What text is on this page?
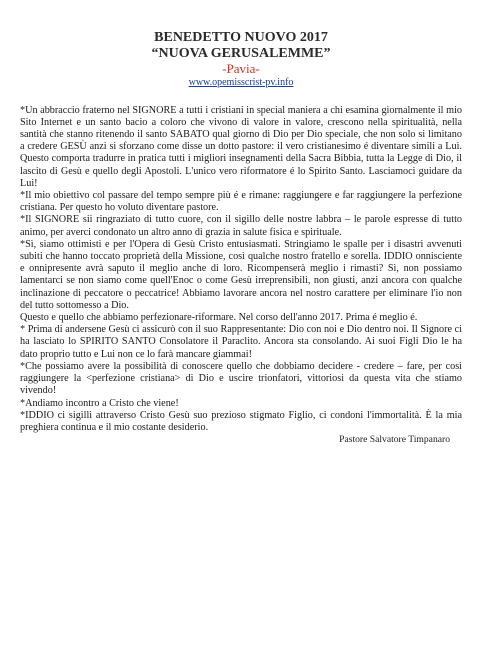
BENEDETTO NUOVO 2017
“NUOVA GERUSALEMME”
-Pavia-
www.opemisscrist-pv.info

*Un abbraccio fraterno nel SIGNORE a tutti i cristiani in special maniera a chi esamina giornalmente il mio Sito Internet e un santo bacio a coloro che vivono di valore in valore, crescono nella spiritualità, nella santità che stanno ritenendo il santo SABATO qual giorno di Dio per Dio speciale, che non solo si limitano a credere GESÙ anzi si sforzano come disse un dotto pastore: il vero cristianesimo é diventare simili a Lui. Questo comporta tradurre in pratica tutti i migliori insegnamenti della Sacra Bibbia, tutta la Legge di Dio, il lascito di Gesù e quello degli Apostoli. L'unico vero riformatore é lo Spirito Santo. Lasciamoci guidare da Lui!

*Il mio obiettivo col passare del tempo sempre più é e rimane: raggiungere e far raggiungere la perfezione cristiana. Per questo ho voluto diventare pastore.

*Il SIGNORE sii ringraziato di tutto cuore, con il sigillo delle nostre labbra – le parole espresse di tutto animo, per averci condonato un altro anno di grazia in salute fisica e spirituale.

*Sì, siamo ottimisti e per l'Opera di Gesù Cristo entusiasmati. Stringiamo le spalle per i disastri avvenuti subiti che hanno toccato proprietà della Missione, così qualche nostro fratello e sorella. IDDIO onnisciente e onnipresente avrà saputo il meglio anche di loro. Ricompenserà meglio i rimasti? Sì, non possiamo lamentarci se non siamo come quell'Enoc o come Gesù irreprensibili, non giusti, anzi ancora con qualche inclinazione di peccatore o peccatrice! Abbiamo lavorare ancora nel nostro carattere per eliminare l'io non del tutto sottomesso a Dio.

Questo e quello che abbiamo perfezionare-riformare. Nel corso dell'anno 2017. Prima é meglio é.

* Prima di andersene Gesù ci assicurò con il suo Rappresentante: Dio con noi e Dio dentro noi. Il Signore ci ha lasciato lo SPIRITO SANTO Consolatore il Paraclito. Ancora sta consolando. Ai suoi Figli Dio le ha dato proprio tutto e Lui non ce lo farà mancare giammai!

*Che possiamo avere la possibilità di conoscere quello che dobbiamo decidere - credere – fare, per così raggiungere la <perfezione cristiana> di Dio e uscire trionfatori, vittoriosi da questa vita che stiamo vivendo!

*Andiamo incontro a Cristo che viene!

*IDDIO ci sigilli attraverso Cristo Gesù suo prezioso stigmato Figlio, ci condoni l'immortalità. È la mia preghiera continua e il mio costante desiderio.

Pastore Salvatore Timpanaro
